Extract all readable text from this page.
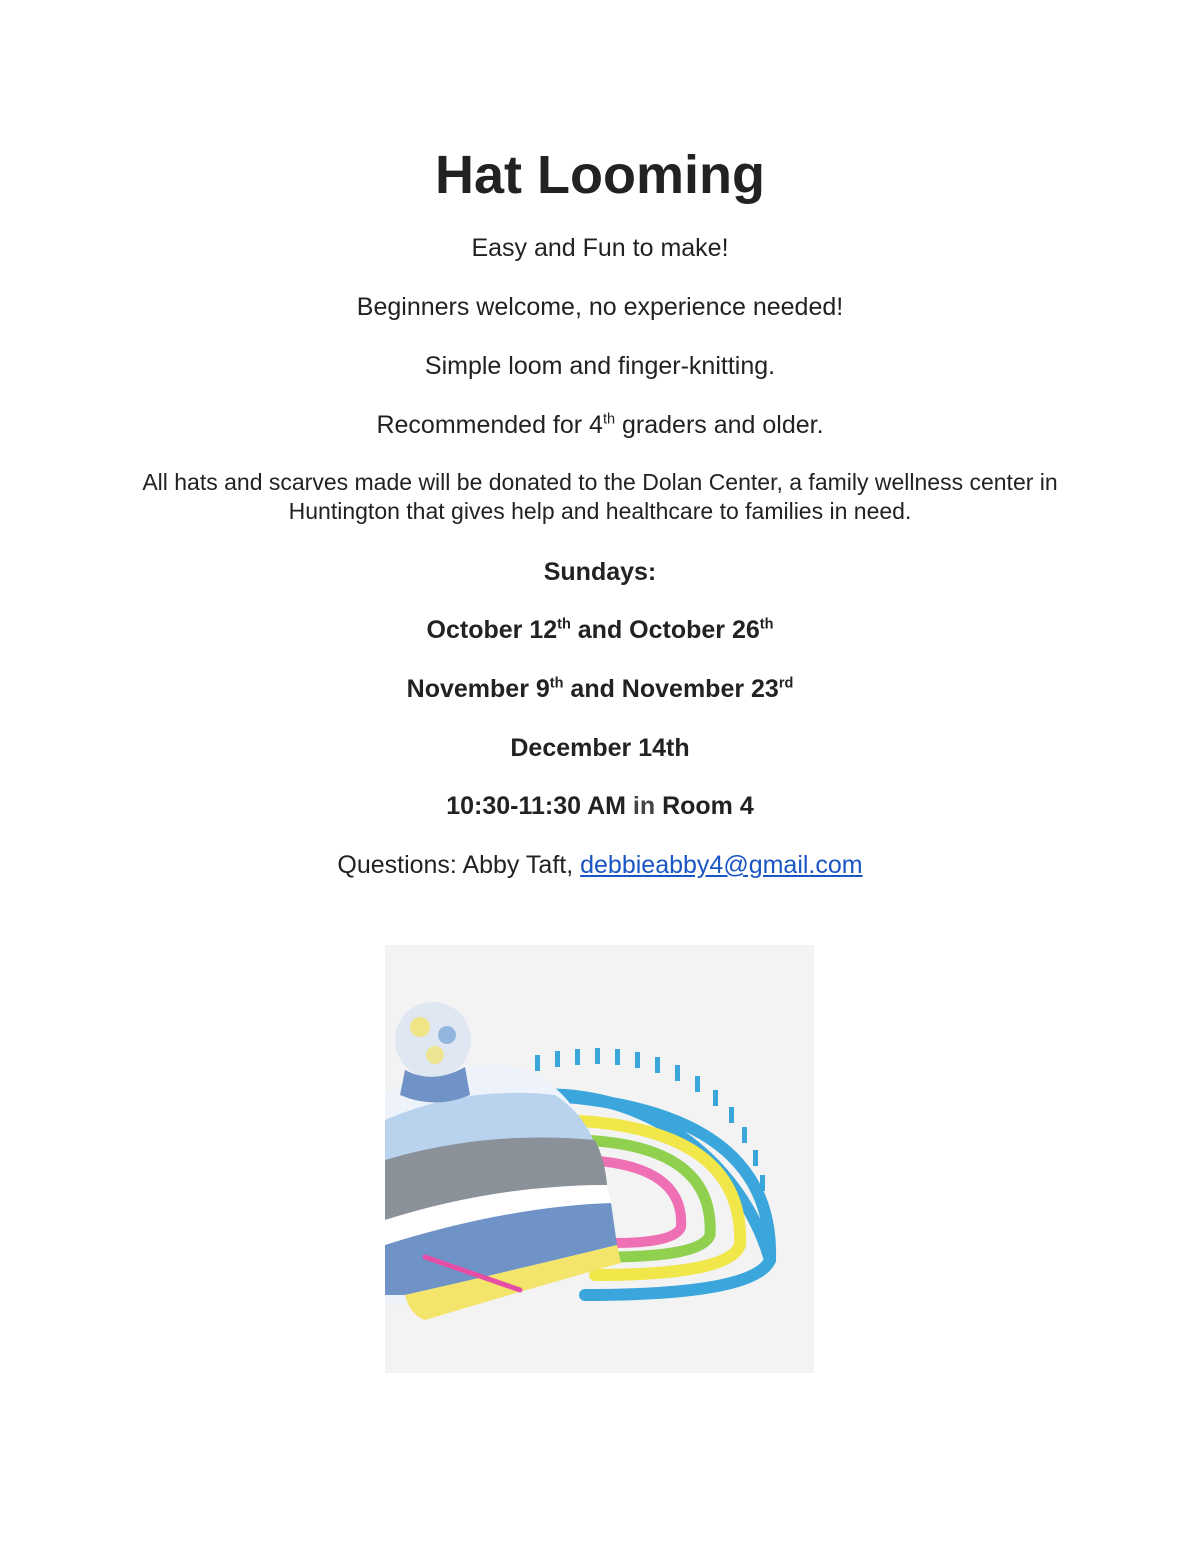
Hat Looming
Easy and Fun to make!
Beginners welcome, no experience needed!
Simple loom and finger-knitting.
Recommended for 4th graders and older.
All hats and scarves made will be donated to the Dolan Center, a family wellness center in Huntington that gives help and healthcare to families in need.
Sundays:
October 12th and October 26th
November 9th and November 23rd
December 14th
10:30-11:30 AM in Room 4
Questions: Abby Taft, debbieabby4@gmail.com
